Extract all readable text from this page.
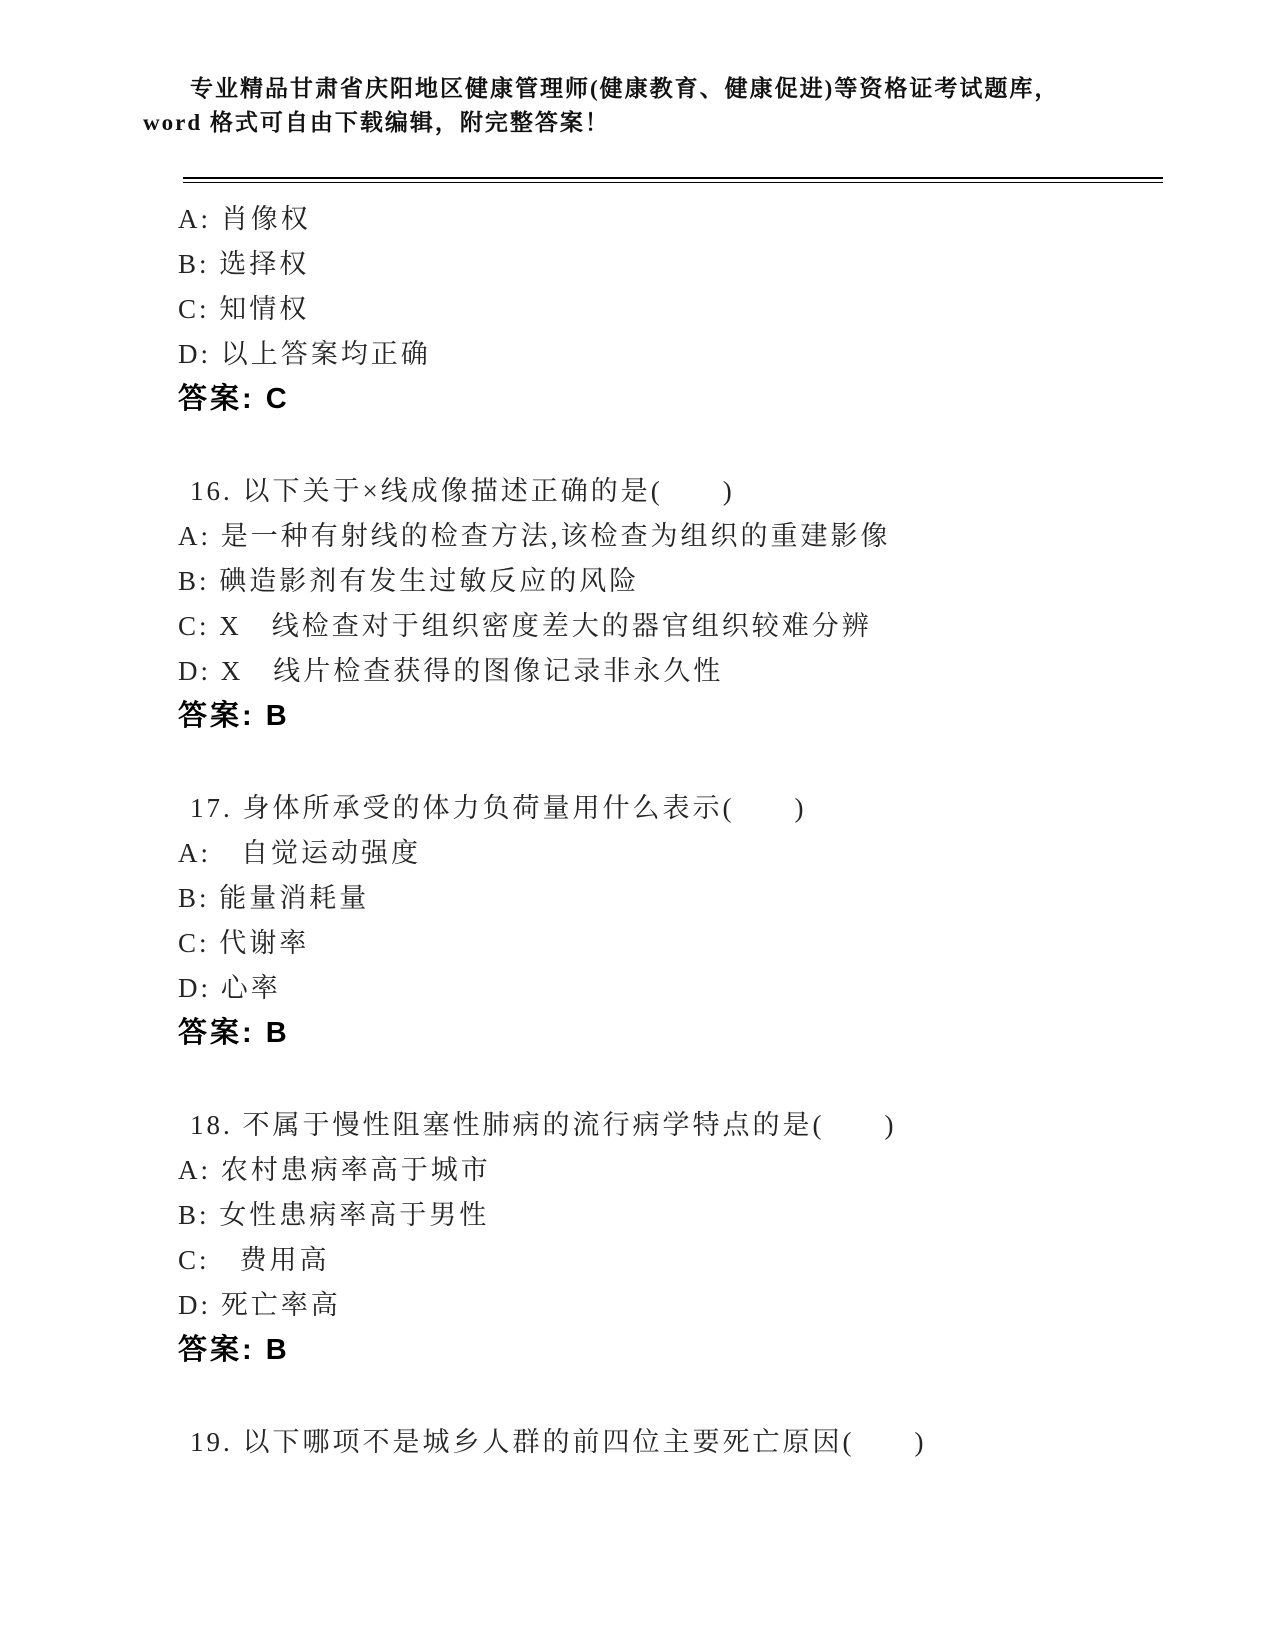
专业精品甘肃省庆阳地区健康管理师(健康教育、健康促进)等资格证考试题库，
word 格式可自由下载编辑，附完整答案！
A: 肖像权
B: 选择权
C: 知情权
D: 以上答案均正确
答案: C
16. 以下关于×线成像描述正确的是(　　)
A: 是一种有射线的检查方法,该检查为组织的重建影像
B: 碘造影剂有发生过敏反应的风险
C: X　线检查对于组织密度差大的器官组织较难分辨
D: X　线片检查获得的图像记录非永久性
答案: B
17. 身体所承受的体力负荷量用什么表示(　　)
A:　自觉运动强度
B: 能量消耗量
C: 代谢率
D: 心率
答案: B
18. 不属于慢性阻塞性肺病的流行病学特点的是(　　)
A: 农村患病率高于城市
B: 女性患病率高于男性
C:　费用高
D: 死亡率高
答案: B
19. 以下哪项不是城乡人群的前四位主要死亡原因(　　)
